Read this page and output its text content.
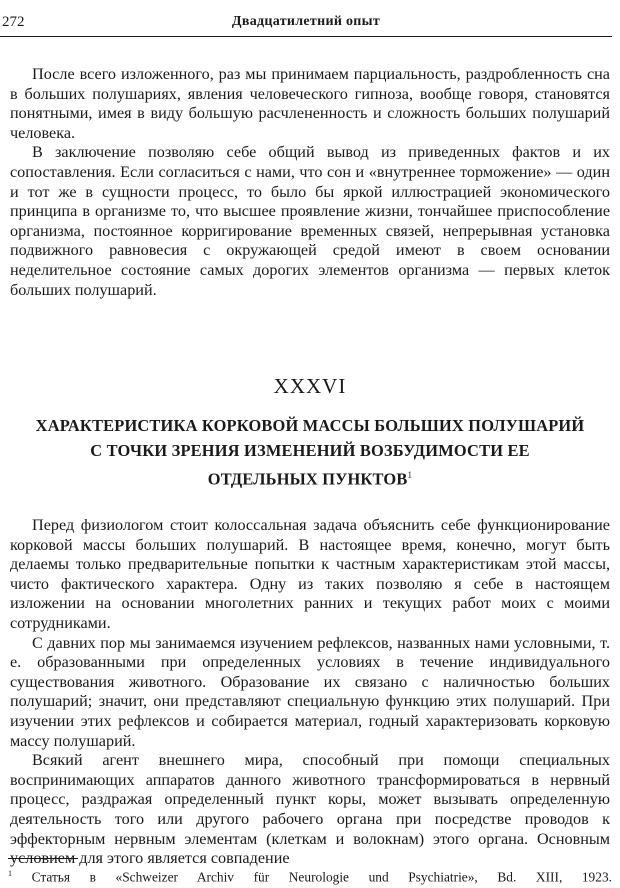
272	Двадцатилетний опыт

После всего изложенного, раз мы принимаем парциальность, раздробленность сна в больших полушариях, явления человеческого гипноза, вообще говоря, становятся понятными, имея в виду большую расчлененность и сложность больших полушарий человека.

В заключение позволяю себе общий вывод из приведенных фактов и их сопоставления. Если согласиться с нами, что сон и «внутреннее торможение» — один и тот же в сущности процесс, то было бы яркой иллюстрацией экономического принципа в организме то, что высшее проявление жизни, тончайшее приспособление организма, постоянное корригирование временных связей, непрерывная установка подвижного равновесия с окружающей средой имеют в своем основании неделительное состояние самых дорогих элементов организма — первых клеток больших полушарий.

XXXVI
ХАРАКТЕРИСТИКА КОРКОВОЙ МАССЫ БОЛЬШИХ ПОЛУШАРИЙ
С ТОЧКИ ЗРЕНИЯ ИЗМЕНЕНИЙ ВОЗБУДИМОСТИ ЕЕ
ОТДЕЛЬНЫХ ПУНКТОВ$^1$

Перед физиологом стоит колоссальная задача объяснить себе функционирование корковой массы больших полушарий. В настоящее время, конечно, могут быть делаемы только предварительные попытки к частным характеристикам этой массы, чисто фактического характера. Одну из таких позволяю я себе в настоящем изложении на основании многолетних ранних и текущих работ моих с моими сотрудниками.

С давних пор мы занимаемся изучением рефлексов, названных нами условными, т. е. образованными при определенных условиях в течение индивидуального существования животного. Образование их связано с наличностью больших полушарий; значит, они представляют специальную функцию этих полушарий. При изучении этих рефлексов и собирается материал, годный характеризовать корковую массу полушарий.

Всякий агент внешнего мира, способный при помощи специальных воспринимающих аппаратов данного животного трансформироваться в нервный процесс, раздражая определенный пункт коры, может вызывать определенную деятельность того или другого рабочего органа при посредстве проводов к эффекторным нервным элементам (клеткам и волокнам) этого органа. Основным условием для этого является совпадение

$^1$ Статья в «Schweizer Archiv für Neurologie und Psychiatrie», Bd. XIII, 1923.
